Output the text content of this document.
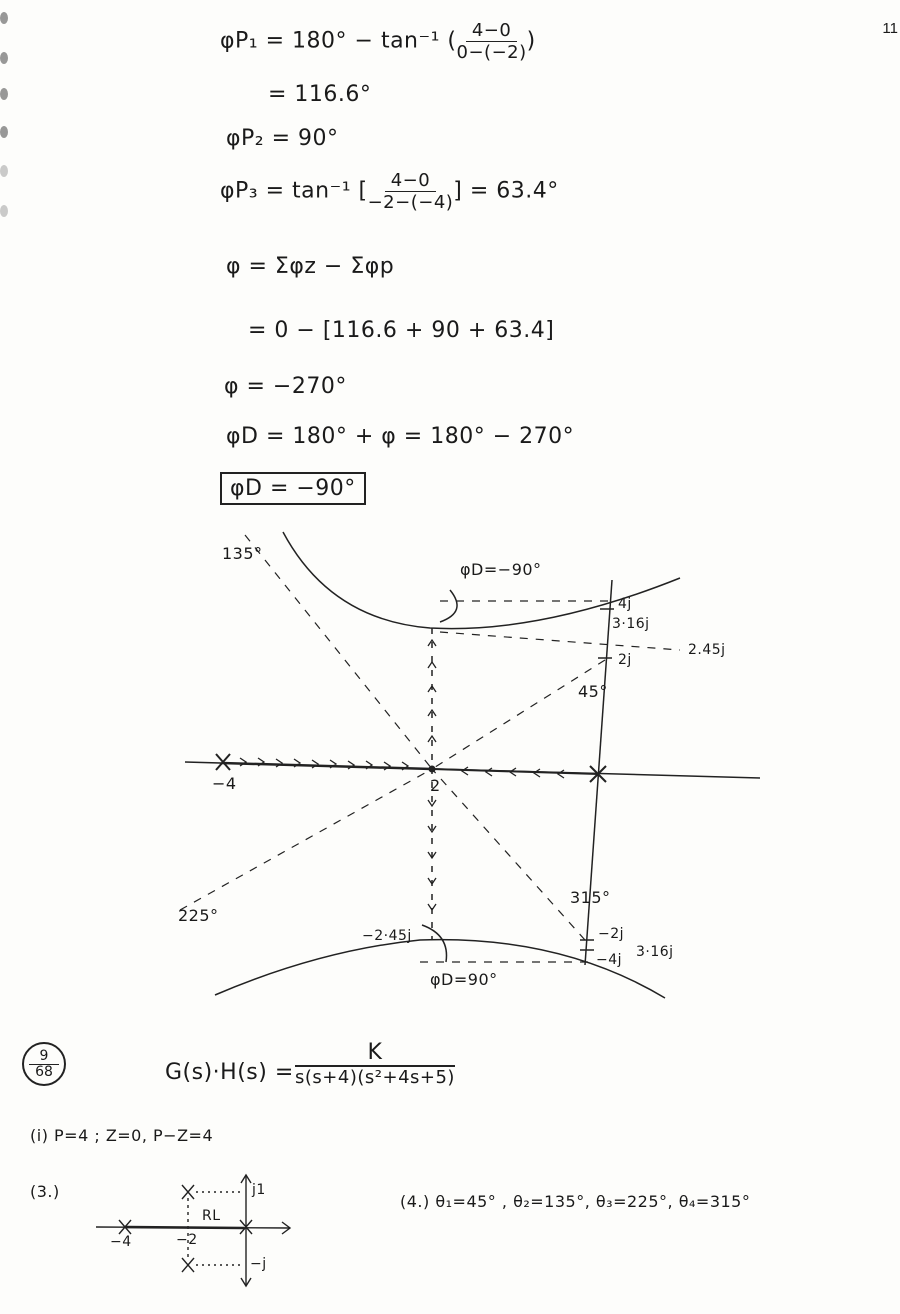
11
φP₁ = 180° − tan⁻¹ ( $\frac{4-0}{0-(-2)}$ )
= 116.6°
φP₂ = 90°
φP₃ = tan⁻¹ [ $\frac{4-0}{-2-(-4)}$ ] = 63.4°
φ = Σφz − Σφp
= 0 − [116.6 + 90 + 63.4]
φ = −270°
φD = 180° + φ = 180° − 270°
φD = −90°
135°
45°
225°
315°
φD=−90°
φD=90°
4j
3·16j
2.45j
2j
−2j
3·16j
−4j
−2·45j
−4	2
9
68	G(s)·H(s) =
K
s(s+4)(s²+4s+5)
(i) P=4 ; Z=0, P−Z=4
(3.)	j1
−j
RL
−4	−2
(4.) θ₁=45° , θ₂=135°, θ₃=225°, θ₄=315°
